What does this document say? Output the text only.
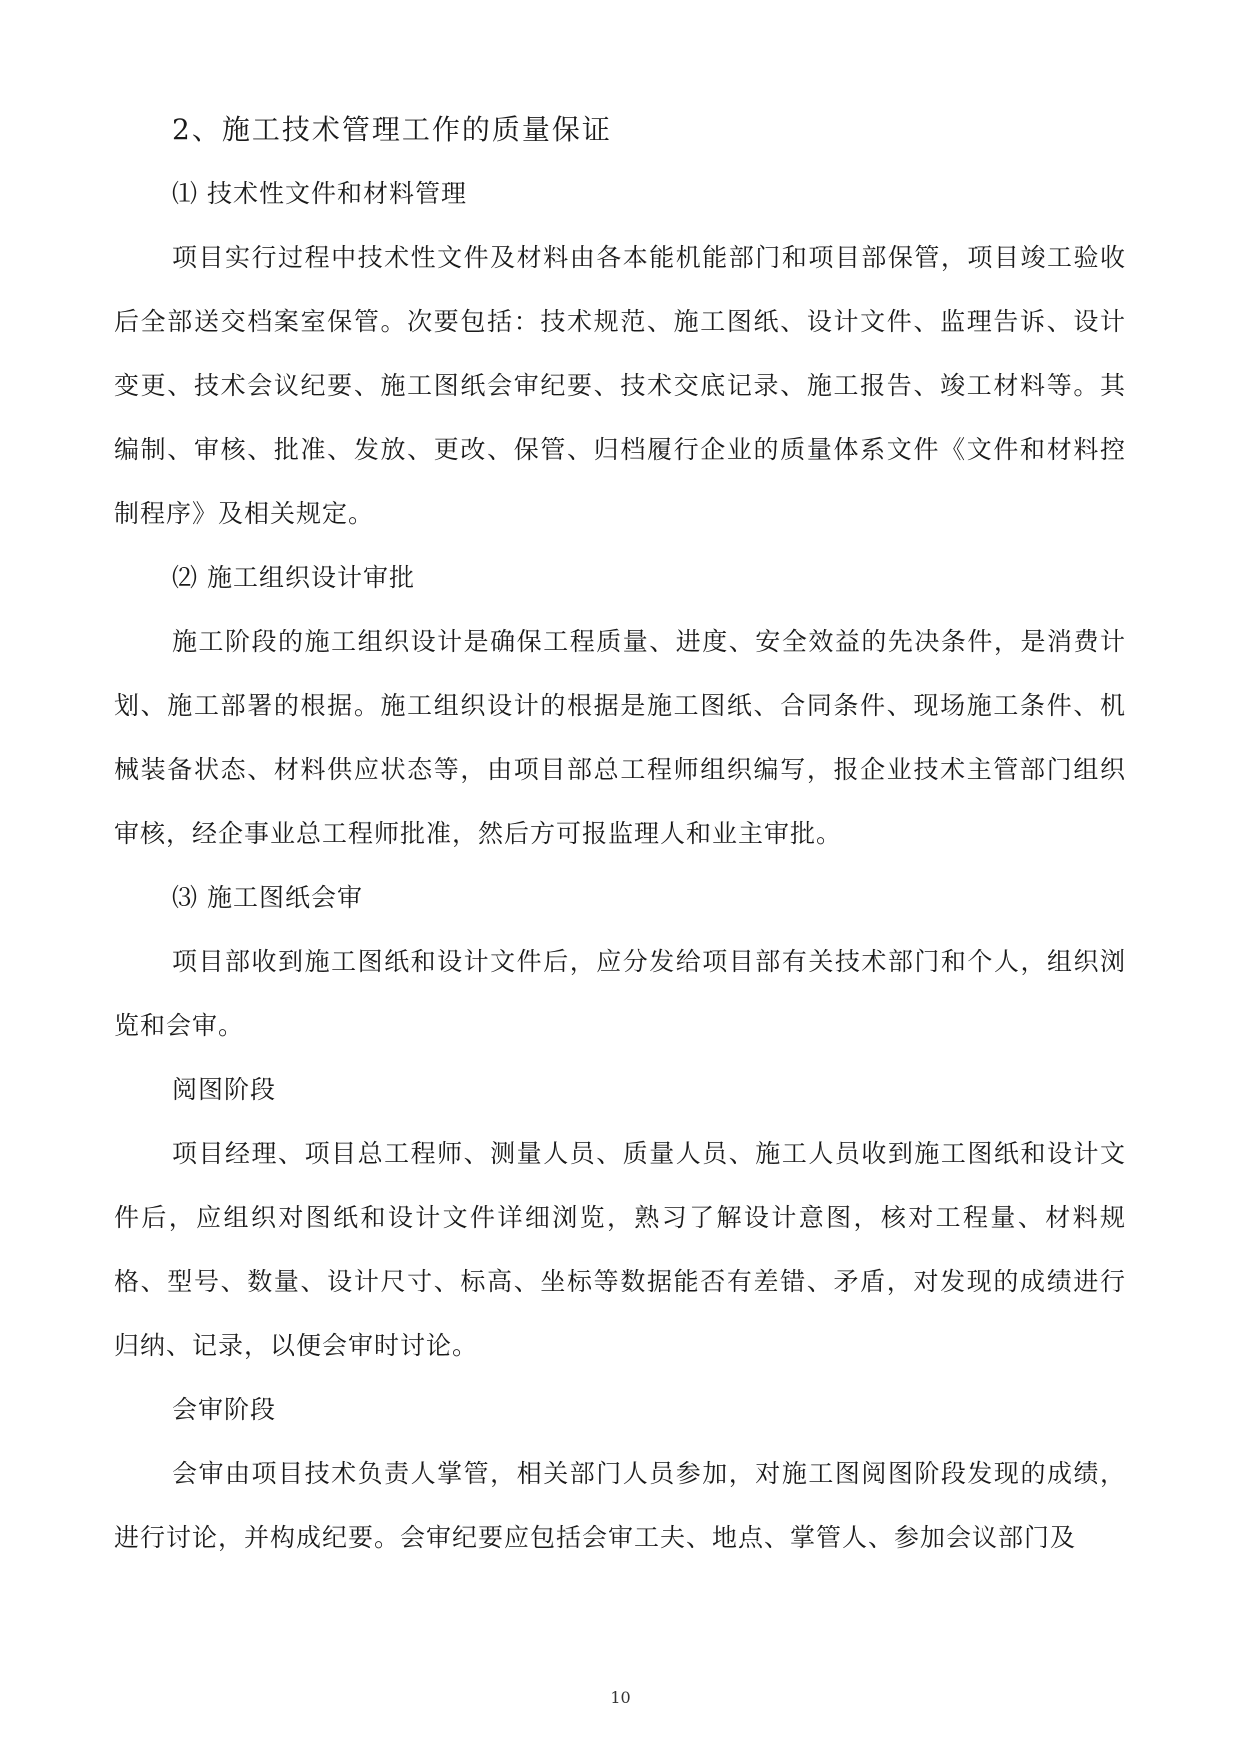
2、施工技术管理工作的质量保证

⑴ 技术性文件和材料管理

项目实行过程中技术性文件及材料由各本能机能部门和项目部保管，项目竣工验收后全部送交档案室保管。次要包括：技术规范、施工图纸、设计文件、监理告诉、设计变更、技术会议纪要、施工图纸会审纪要、技术交底记录、施工报告、竣工材料等。其编制、审核、批准、发放、更改、保管、归档履行企业的质量体系文件《文件和材料控制程序》及相关规定。

⑵ 施工组织设计审批

施工阶段的施工组织设计是确保工程质量、进度、安全效益的先决条件，是消费计划、施工部署的根据。施工组织设计的根据是施工图纸、合同条件、现场施工条件、机械装备状态、材料供应状态等，由项目部总工程师组织编写，报企业技术主管部门组织审核，经企事业总工程师批准，然后方可报监理人和业主审批。

⑶ 施工图纸会审

项目部收到施工图纸和设计文件后，应分发给项目部有关技术部门和个人，组织浏览和会审。

阅图阶段

项目经理、项目总工程师、测量人员、质量人员、施工人员收到施工图纸和设计文件后，应组织对图纸和设计文件详细浏览，熟习了解设计意图，核对工程量、材料规格、型号、数量、设计尺寸、标高、坐标等数据能否有差错、矛盾，对发现的成绩进行归纳、记录，以便会审时讨论。

会审阶段

会审由项目技术负责人掌管，相关部门人员参加，对施工图阅图阶段发现的成绩，进行讨论，并构成纪要。会审纪要应包括会审工夫、地点、掌管人、参加会议部门及

10
